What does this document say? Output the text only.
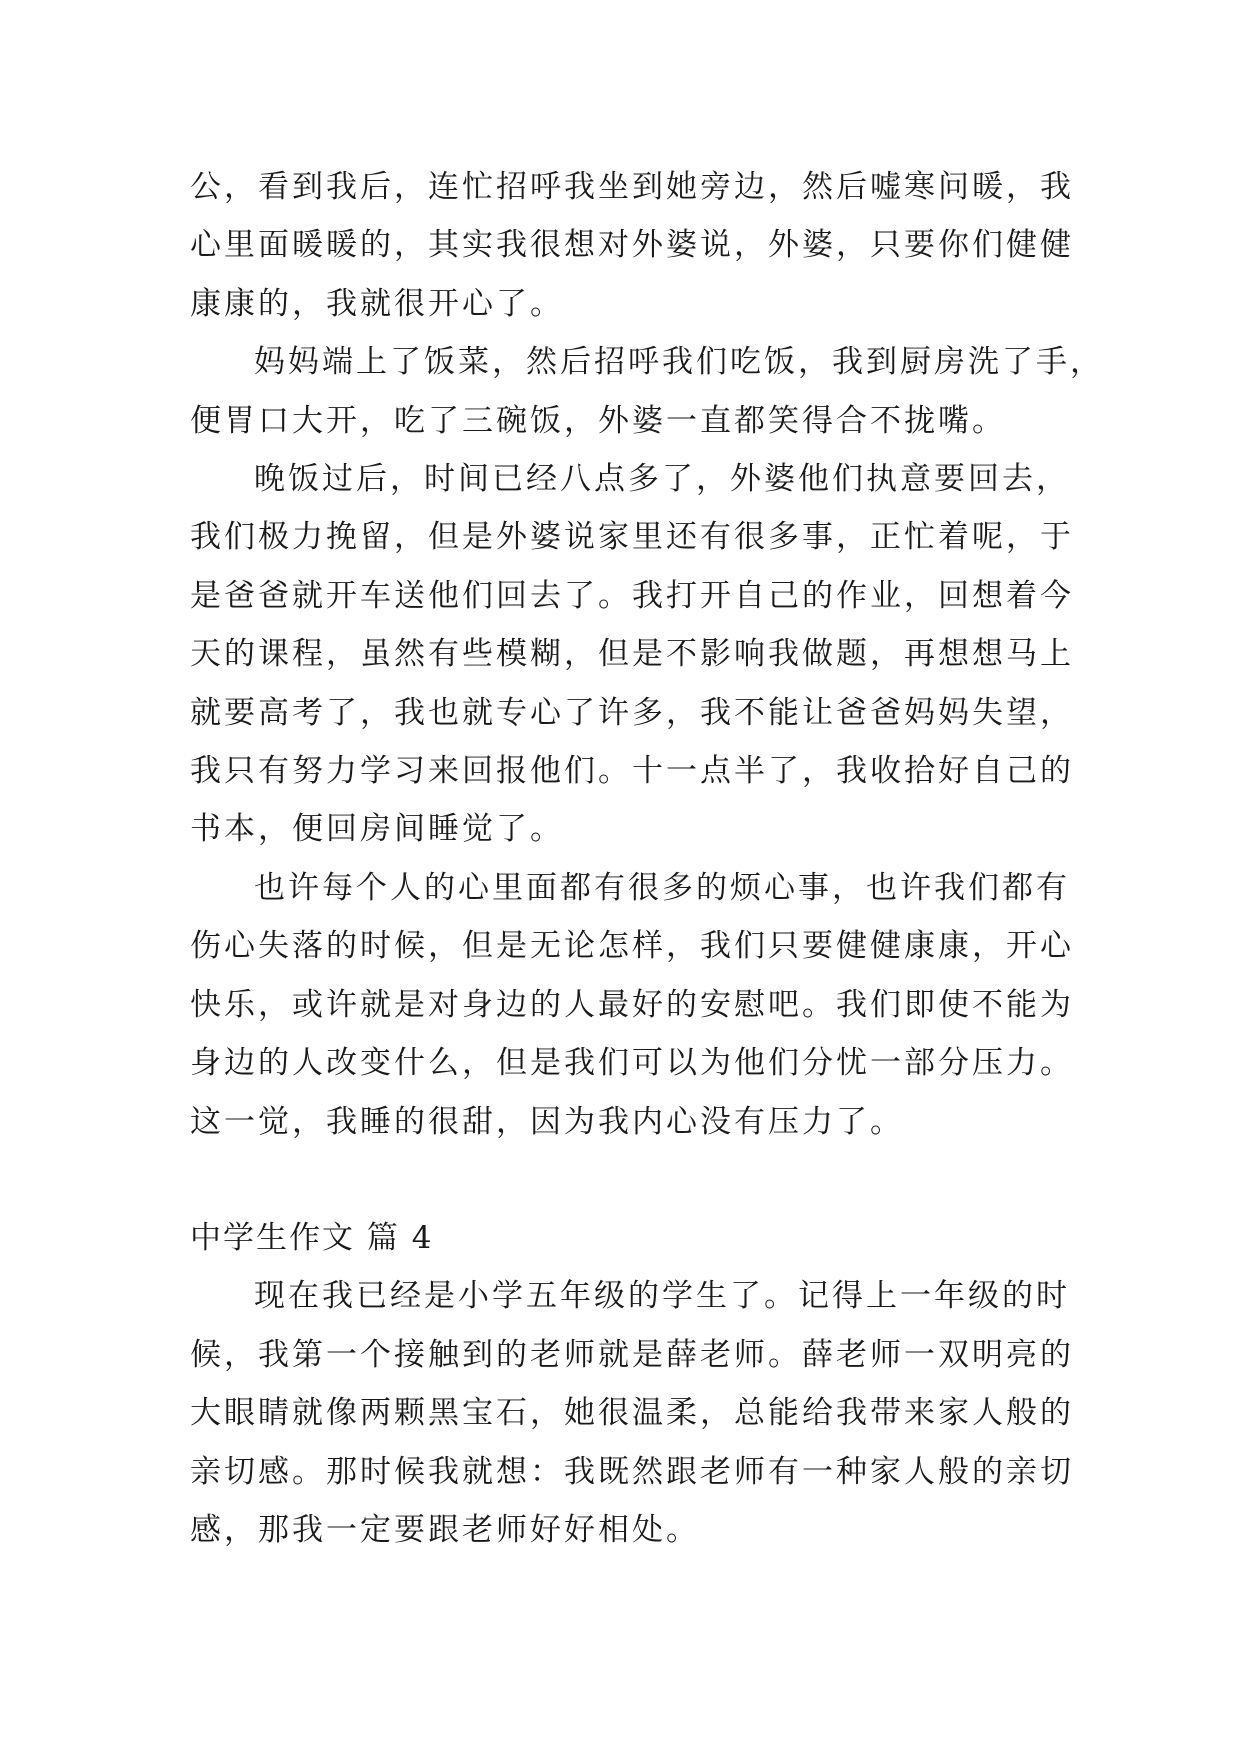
公，看到我后，连忙招呼我坐到她旁边，然后嘘寒问暖，我
心里面暖暖的，其实我很想对外婆说，外婆，只要你们健健
康康的，我就很开心了。

妈妈端上了饭菜，然后招呼我们吃饭，我到厨房洗了手，
便胃口大开，吃了三碗饭，外婆一直都笑得合不拢嘴。

晚饭过后，时间已经八点多了，外婆他们执意要回去，
我们极力挽留，但是外婆说家里还有很多事，正忙着呢，于
是爸爸就开车送他们回去了。我打开自己的作业，回想着今
天的课程，虽然有些模糊，但是不影响我做题，再想想马上
就要高考了，我也就专心了许多，我不能让爸爸妈妈失望，
我只有努力学习来回报他们。十一点半了，我收拾好自己的
书本，便回房间睡觉了。

也许每个人的心里面都有很多的烦心事，也许我们都有
伤心失落的时候，但是无论怎样，我们只要健健康康，开心
快乐，或许就是对身边的人最好的安慰吧。我们即使不能为
身边的人改变什么，但是我们可以为他们分忧一部分压力。
这一觉，我睡的很甜，因为我内心没有压力了。

中学生作文 篇 4

现在我已经是小学五年级的学生了。记得上一年级的时
候，我第一个接触到的老师就是薛老师。薛老师一双明亮的
大眼睛就像两颗黑宝石，她很温柔，总能给我带来家人般的
亲切感。那时候我就想：我既然跟老师有一种家人般的亲切
感，那我一定要跟老师好好相处。
